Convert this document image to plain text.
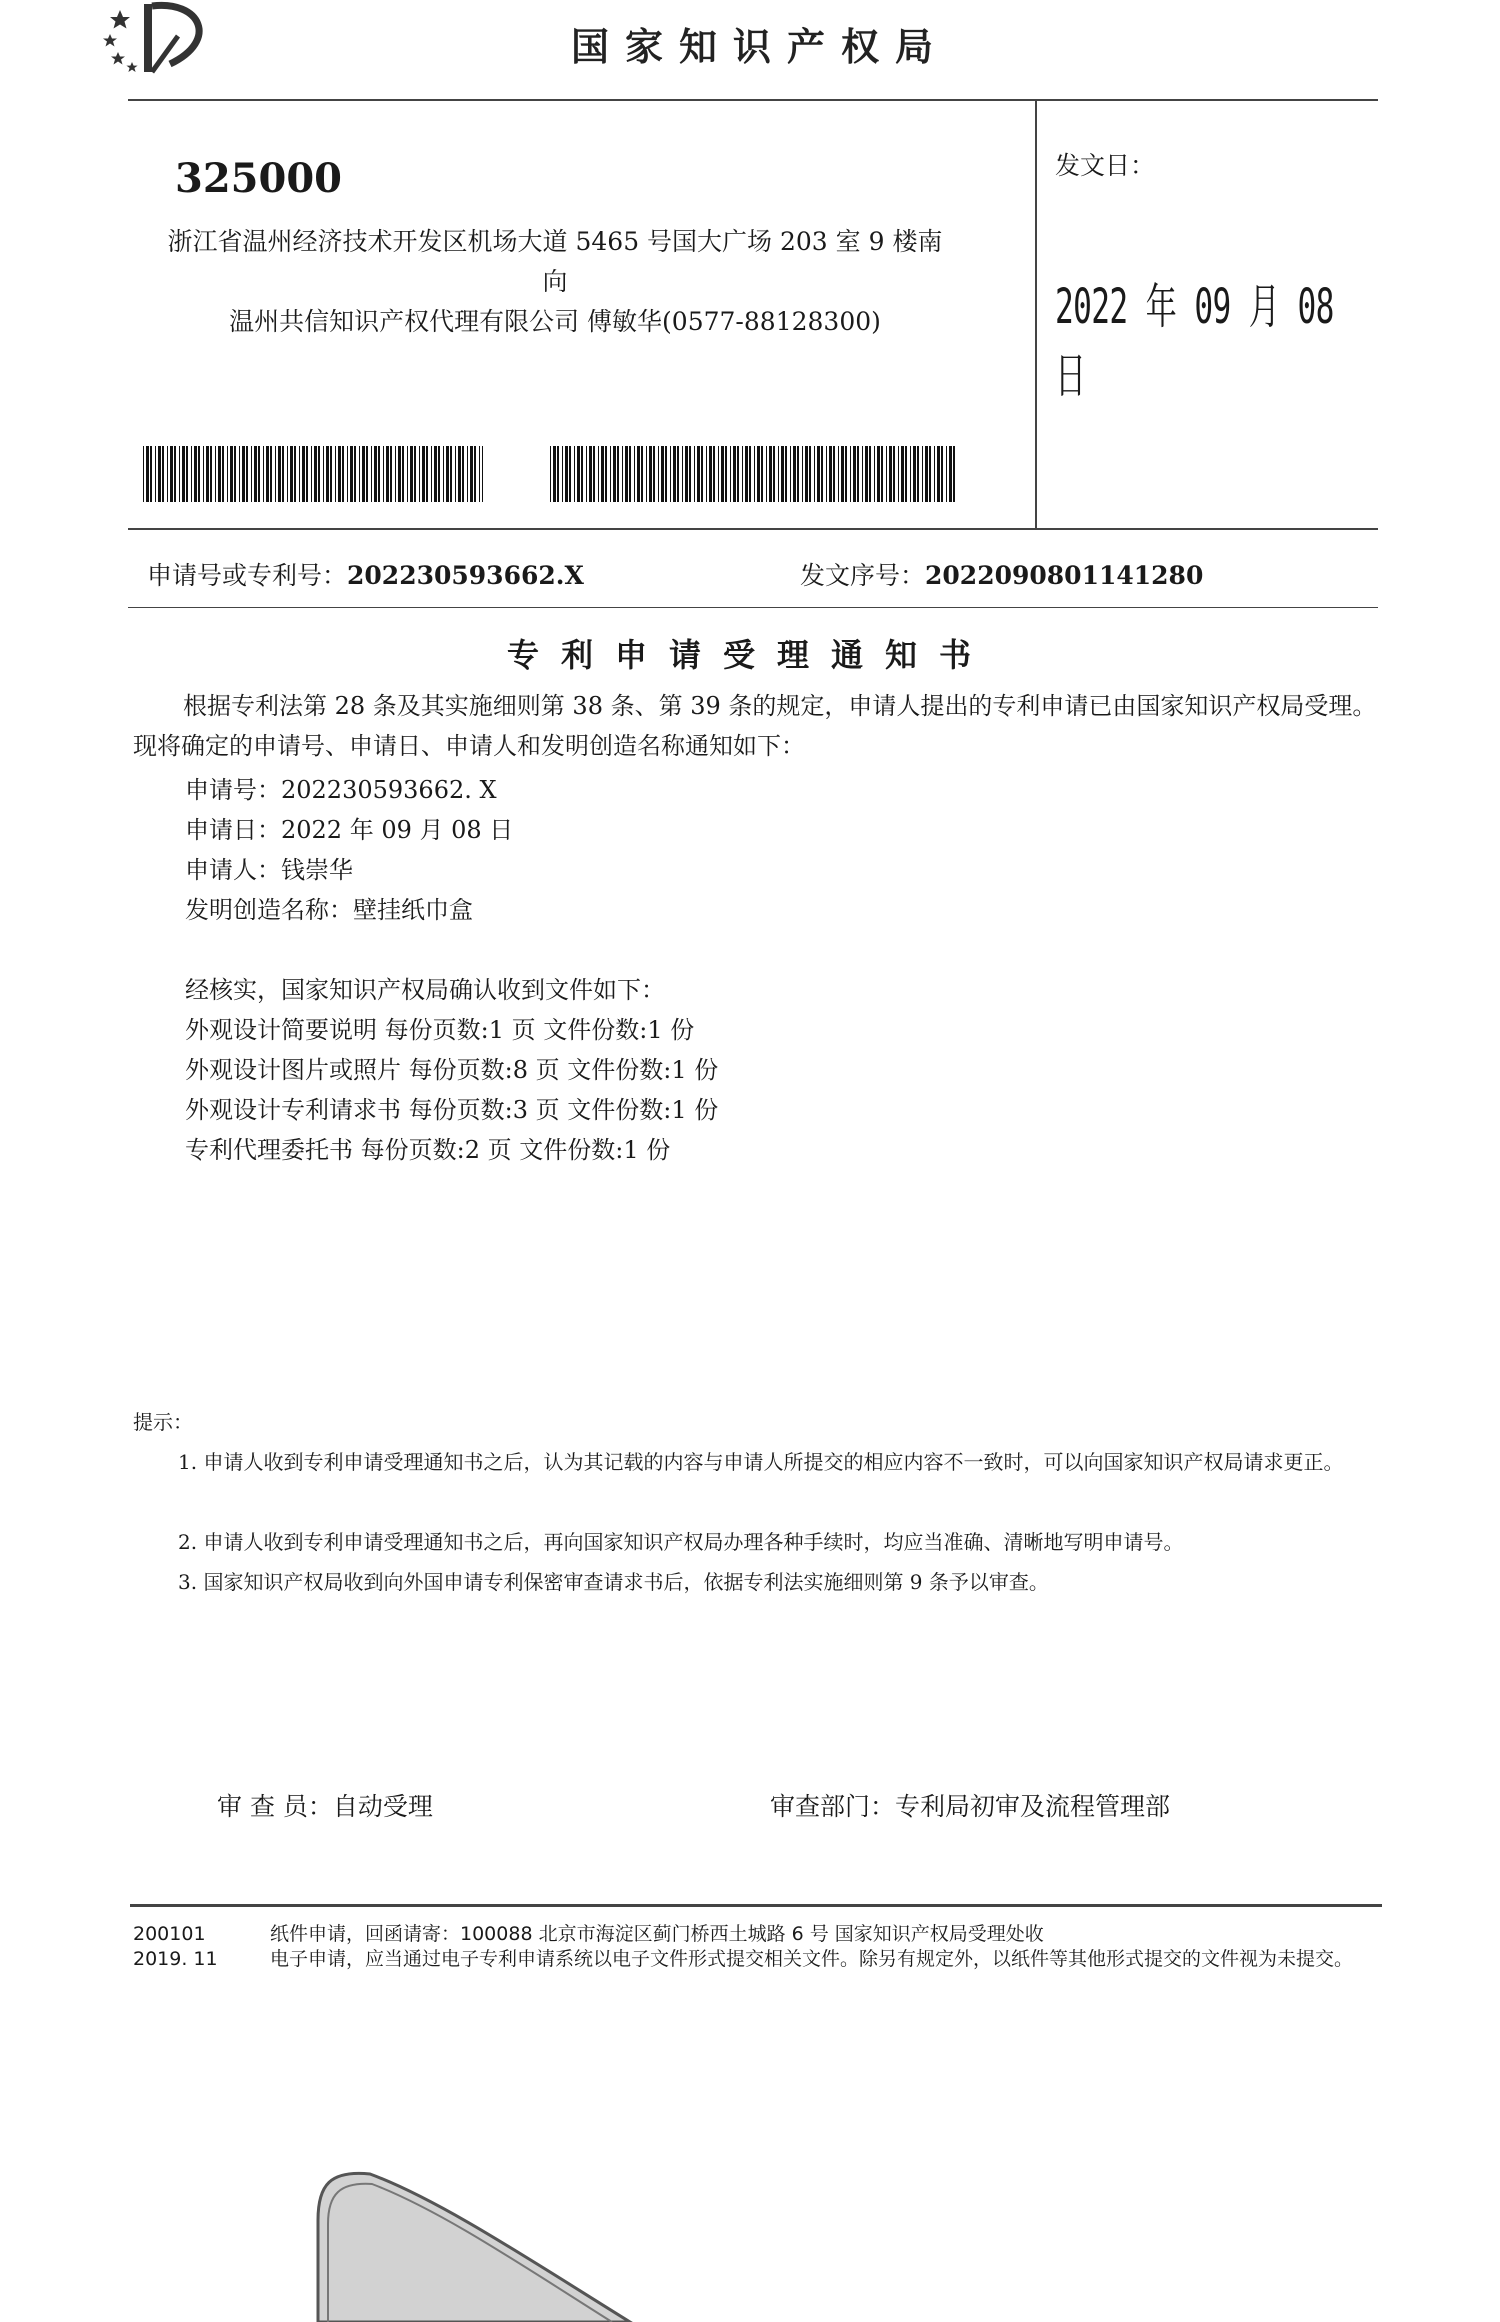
国家知识产权局
325000
浙江省温州经济技术开发区机场大道 5465 号国大广场 203 室 9 楼南
向
温州共信知识产权代理有限公司 傅敏华(0577-88128300)
发文日：
2022 年 09 月 08 日
申请号或专利号：202230593662.X	发文序号：2022090801141280
专利申请受理通知书
根据专利法第 28 条及其实施细则第 38 条、第 39 条的规定，申请人提出的专利申请已由国家知识产权局受理。现将确定的申请号、申请日、申请人和发明创造名称通知如下：
申请号：202230593662. X
申请日：2022 年 09 月 08 日
申请人：钱崇华
发明创造名称：壁挂纸巾盒
经核实，国家知识产权局确认收到文件如下：
外观设计简要说明 每份页数:1 页 文件份数:1 份
外观设计图片或照片 每份页数:8 页 文件份数:1 份
外观设计专利请求书 每份页数:3 页 文件份数:1 份
专利代理委托书 每份页数:2 页 文件份数:1 份
提示：
1. 申请人收到专利申请受理通知书之后，认为其记载的内容与申请人所提交的相应内容不一致时，可以向国家知识产权局请求更正。
2. 申请人收到专利申请受理通知书之后，再向国家知识产权局办理各种手续时，均应当准确、清晰地写明申请号。
3. 国家知识产权局收到向外国申请专利保密审查请求书后，依据专利法实施细则第 9 条予以审查。
审 查 员：自动受理	审查部门：专利局初审及流程管理部
200101
2019. 11
纸件申请，回函请寄：100088 北京市海淀区蓟门桥西土城路 6 号 国家知识产权局受理处收
电子申请，应当通过电子专利申请系统以电子文件形式提交相关文件。除另有规定外，以纸件等其他形式提交的文件视为未提交。
